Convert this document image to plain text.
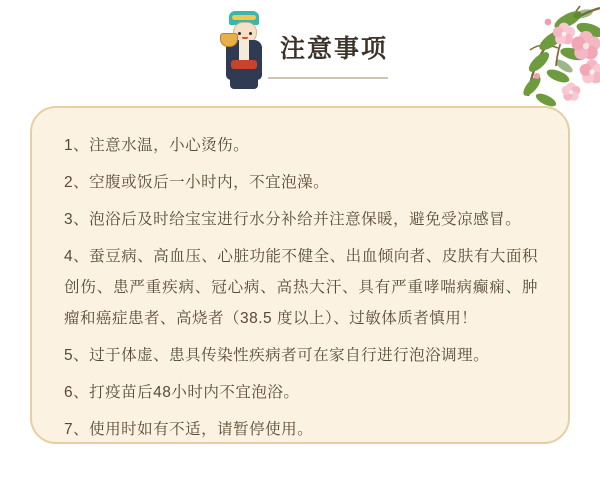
注意事项
1、注意水温，小心烫伤。
2、空腹或饭后一小时内，不宜泡澡。
3、泡浴后及时给宝宝进行水分补给并注意保暖，避免受凉感冒。
4、蚕豆病、高血压、心脏功能不健全、出血倾向者、皮肤有大面积创伤、患严重疾病、冠心病、高热大汗、具有严重哮喘病癫痫、肿瘤和癌症患者、高烧者（38.5 度以上）、过敏体质者慎用！
5、过于体虚、患具传染性疾病者可在家自行进行泡浴调理。
6、打疫苗后48小时内不宜泡浴。
7、使用时如有不适，请暂停使用。
